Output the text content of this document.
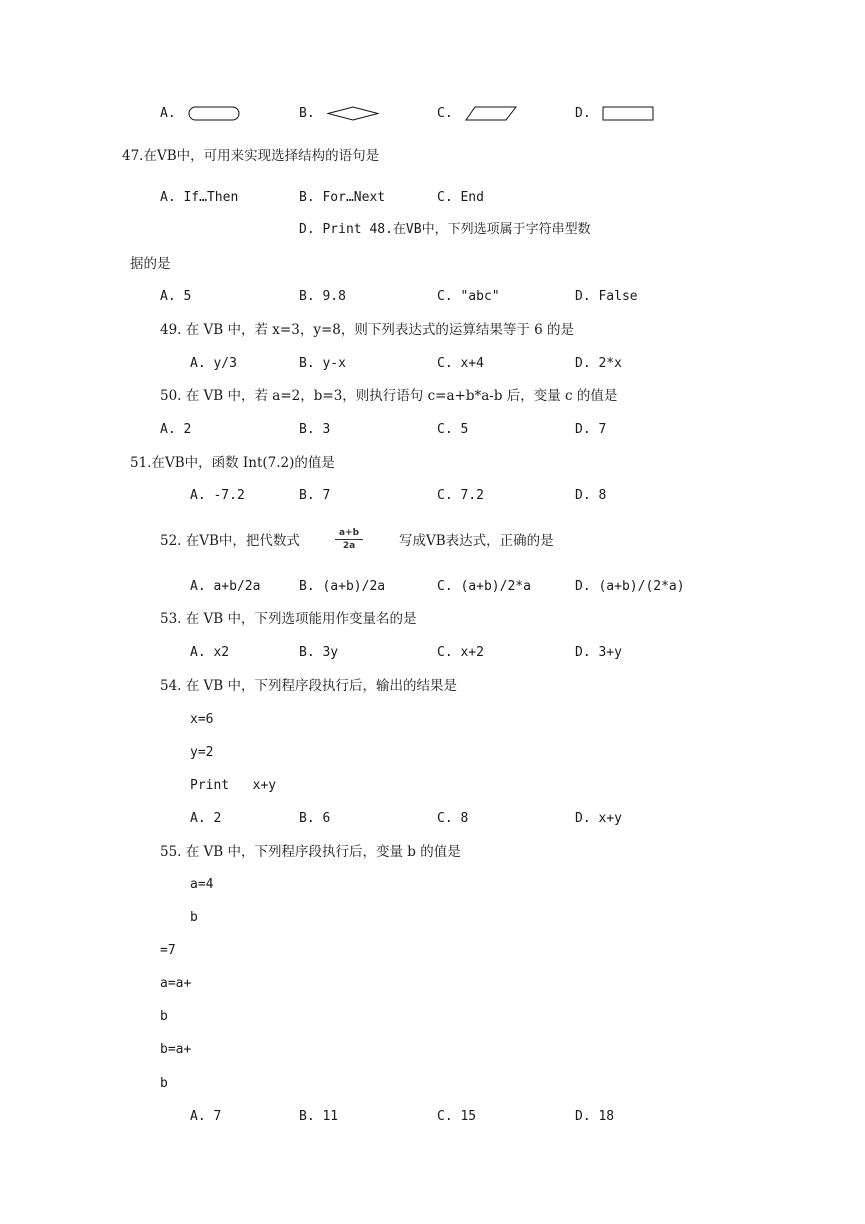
A.	B.	C.	D.
47.在VB中，可用来实现选择结构的语句是
A. If…Then	B. For…Next	C. End
D. Print 48.在VB中，下列选项属于字符串型数
据的是
A. 5	B. 9.8	C. "abc"	D. False
49. 在 VB 中，若 x=3，y=8，则下列表达式的运算结果等于 6 的是
A. y/3	B. y-x	C. x+4	D. 2*x
50. 在 VB 中，若 a=2，b=3，则执行语句 c=a+b*a-b 后，变量 c 的值是
A. 2	B. 3	C. 5	D. 7
51.在VB中，函数 Int(7.2)的值是
A. -7.2	B. 7	C. 7.2	D. 8
52. 在VB中，把代数式	a+b
2a	写成VB表达式，正确的是
A. a+b/2a	B. (a+b)/2a	C. (a+b)/2*a	D. (a+b)/(2*a)
53. 在 VB 中，下列选项能用作变量名的是
A. x2	B. 3y	C. x+2	D. 3+y
54. 在 VB 中，下列程序段执行后，输出的结果是
x=6
y=2
Print   x+y
A. 2	B. 6	C. 8	D. x+y
55. 在 VB 中，下列程序段执行后，变量 b 的值是
a=4
b
=7
a=a+
b
b=a+
b
A. 7	B. 11	C. 15	D. 18
